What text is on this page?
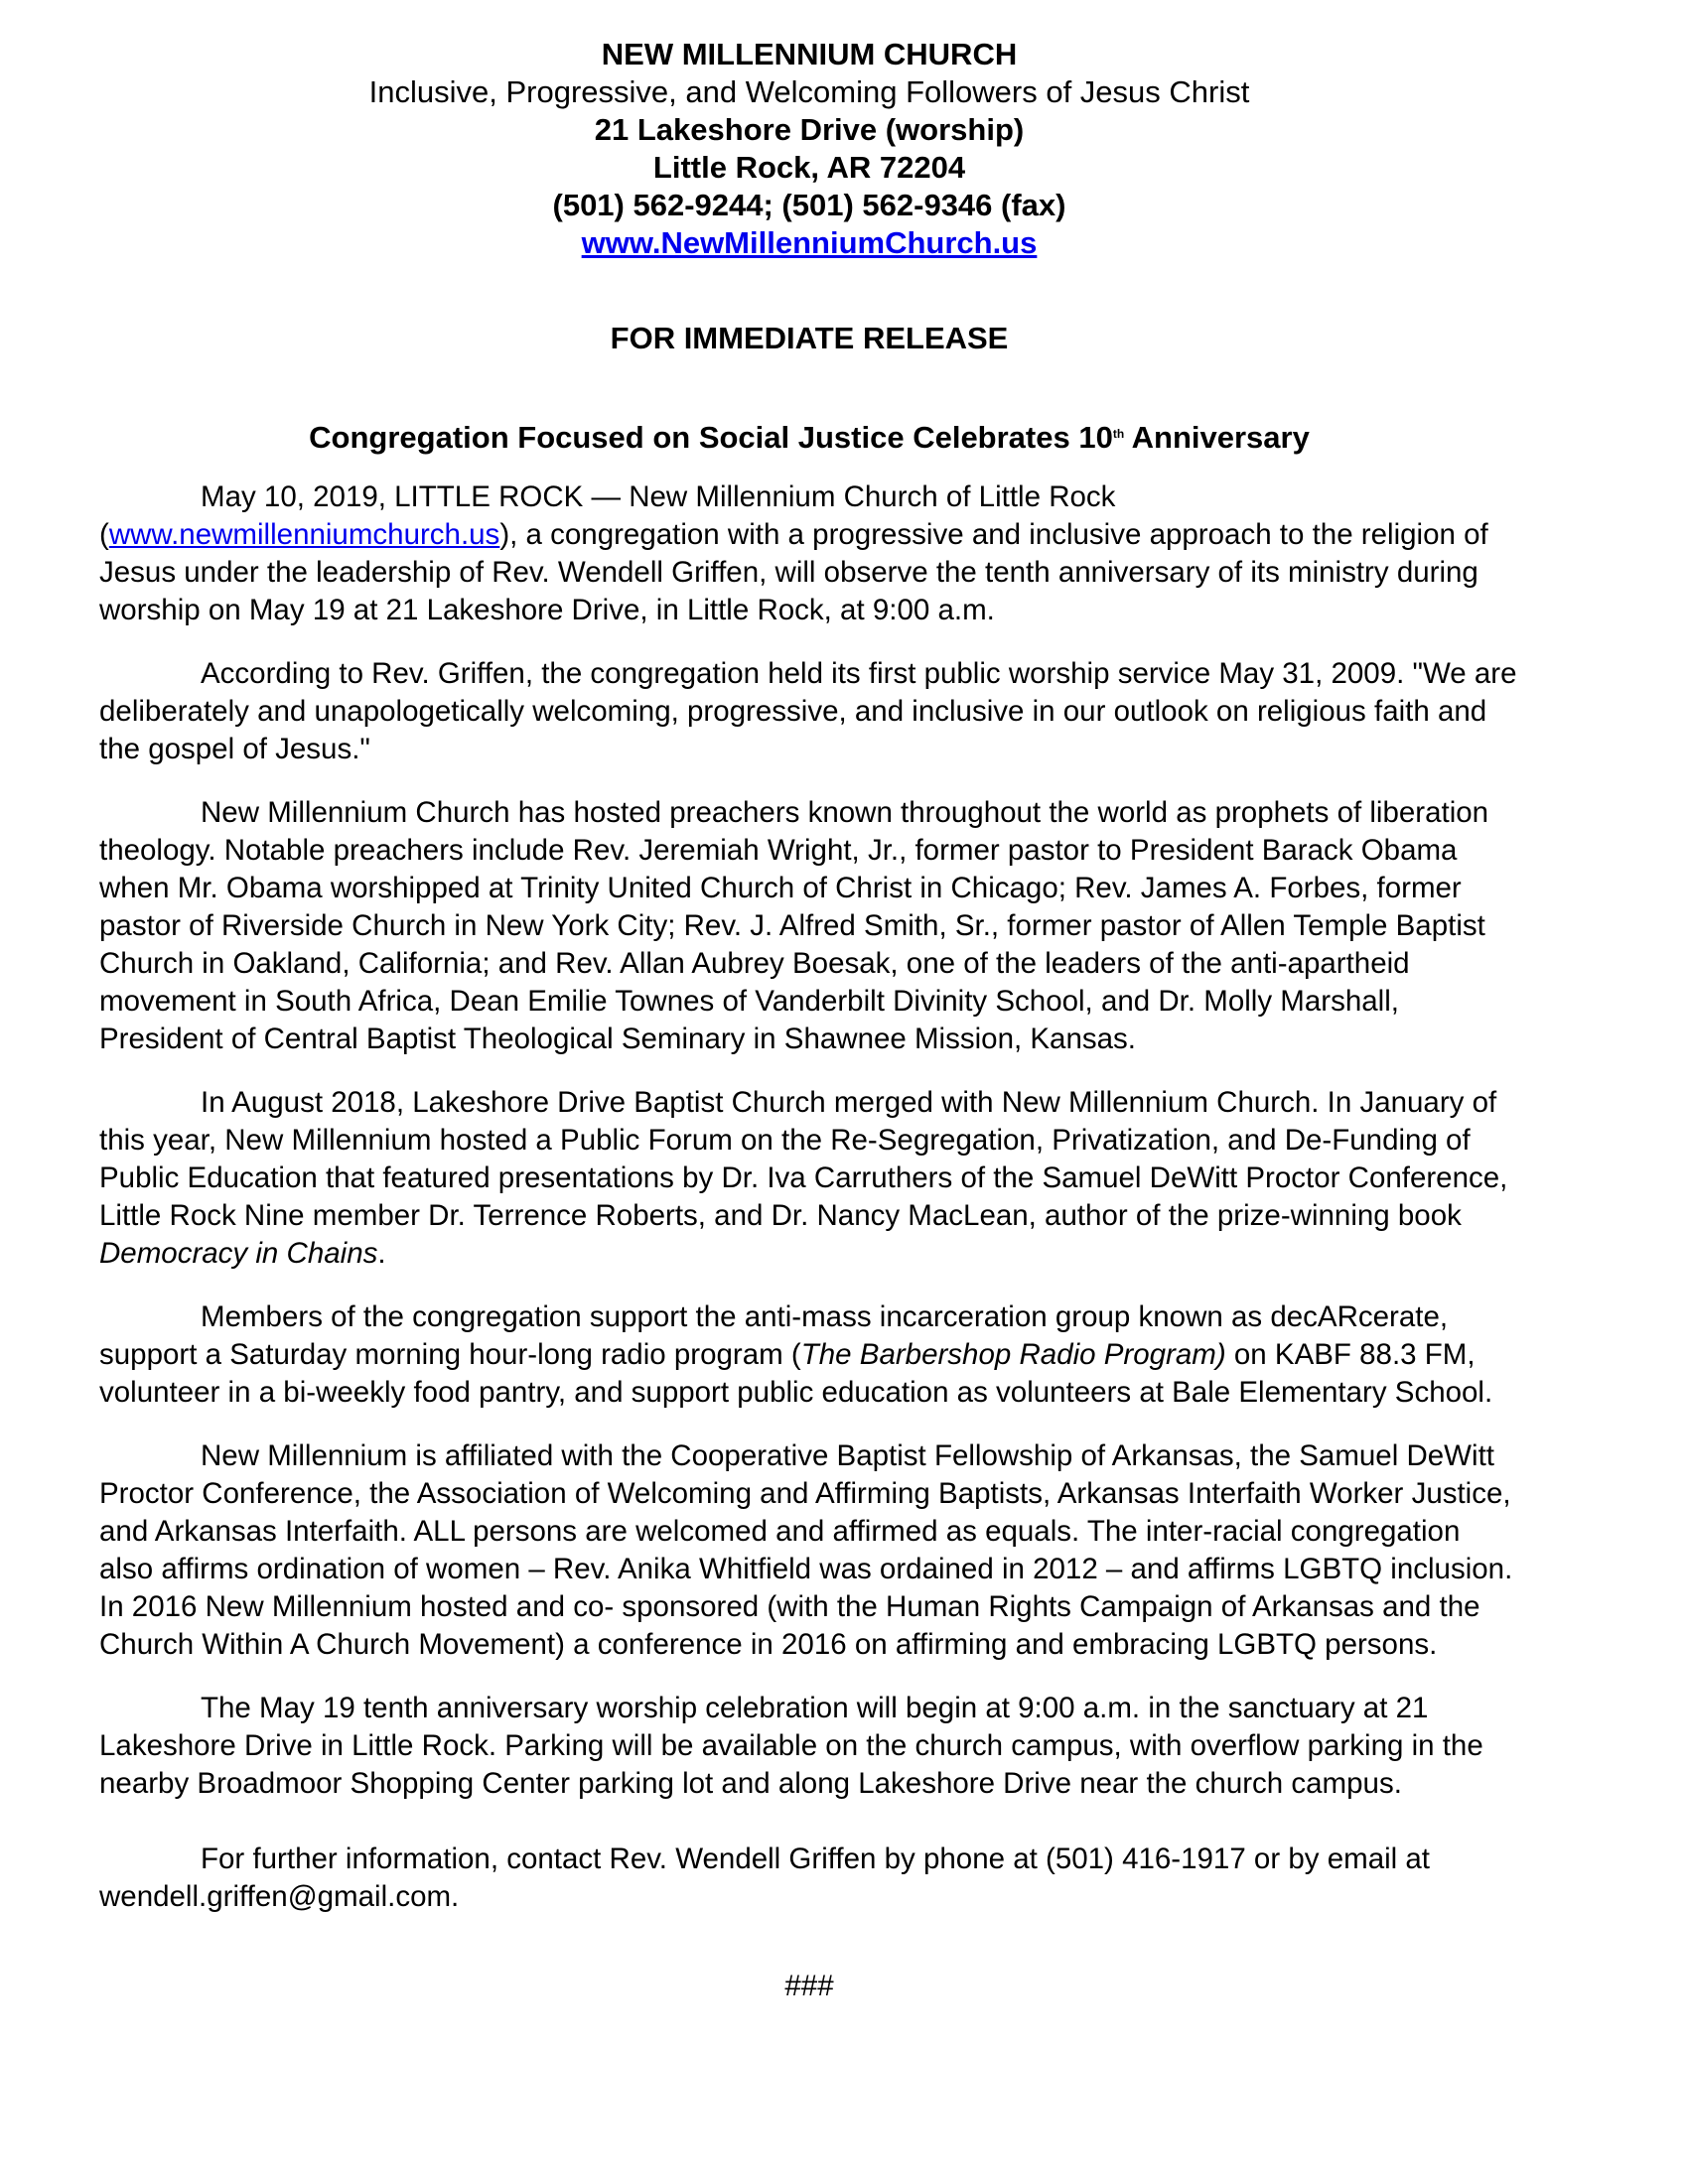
NEW MILLENNIUM CHURCH
Inclusive, Progressive, and Welcoming Followers of Jesus Christ
21 Lakeshore Drive (worship)
Little Rock, AR 72204
(501) 562-9244; (501) 562-9346 (fax)
www.NewMillenniumChurch.us
FOR IMMEDIATE RELEASE
Congregation Focused on Social Justice Celebrates 10th Anniversary

May 10, 2019, LITTLE ROCK — New Millennium Church of Little Rock (www.newmillenniumchurch.us), a congregation with a progressive and inclusive approach to the religion of Jesus under the leadership of Rev. Wendell Griffen, will observe the tenth anniversary of its ministry during worship on May 19 at 21 Lakeshore Drive, in Little Rock, at 9:00 a.m.

According to Rev. Griffen, the congregation held its first public worship service May 31, 2009. "We are deliberately and unapologetically welcoming, progressive, and inclusive in our outlook on religious faith and the gospel of Jesus."

New Millennium Church has hosted preachers known throughout the world as prophets of liberation theology. Notable preachers include Rev. Jeremiah Wright, Jr., former pastor to President Barack Obama when Mr. Obama worshipped at Trinity United Church of Christ in Chicago; Rev. James A. Forbes, former pastor of Riverside Church in New York City; Rev. J. Alfred Smith, Sr., former pastor of Allen Temple Baptist Church in Oakland, California; and Rev. Allan Aubrey Boesak, one of the leaders of the anti-apartheid movement in South Africa, Dean Emilie Townes of Vanderbilt Divinity School, and Dr. Molly Marshall, President of Central Baptist Theological Seminary in Shawnee Mission, Kansas.

In August 2018, Lakeshore Drive Baptist Church merged with New Millennium Church. In January of this year, New Millennium hosted a Public Forum on the Re-Segregation, Privatization, and De-Funding of Public Education that featured presentations by Dr. Iva Carruthers of the Samuel DeWitt Proctor Conference, Little Rock Nine member Dr. Terrence Roberts, and Dr. Nancy MacLean, author of the prize-winning book Democracy in Chains.

Members of the congregation support the anti-mass incarceration group known as decARcerate, support a Saturday morning hour-long radio program (The Barbershop Radio Program) on KABF 88.3 FM, volunteer in a bi-weekly food pantry, and support public education as volunteers at Bale Elementary School.

New Millennium is affiliated with the Cooperative Baptist Fellowship of Arkansas, the Samuel DeWitt Proctor Conference, the Association of Welcoming and Affirming Baptists, Arkansas Interfaith Worker Justice, and Arkansas Interfaith. ALL persons are welcomed and affirmed as equals. The inter-racial congregation also affirms ordination of women – Rev. Anika Whitfield was ordained in 2012 – and affirms LGBTQ inclusion. In 2016 New Millennium hosted and co- sponsored (with the Human Rights Campaign of Arkansas and the Church Within A Church Movement) a conference in 2016 on affirming and embracing LGBTQ persons.

The May 19 tenth anniversary worship celebration will begin at 9:00 a.m. in the sanctuary at 21 Lakeshore Drive in Little Rock. Parking will be available on the church campus, with overflow parking in the nearby Broadmoor Shopping Center parking lot and along Lakeshore Drive near the church campus.

For further information, contact Rev. Wendell Griffen by phone at (501) 416-1917 or by email at wendell.griffen@gmail.com.

###
